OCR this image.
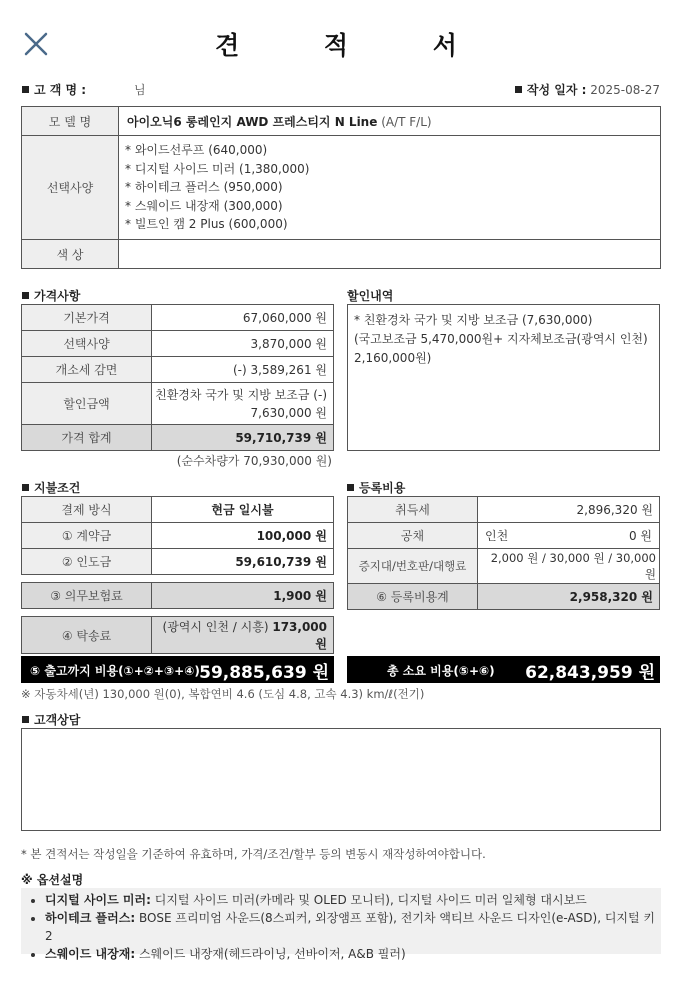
견 적 서
고 객 명 :	님	작성 일자 : 2025-08-27
모 델 명	아이오닉6 롱레인지 AWD 프레스티지 N Line (A/T F/L)
선택사양	* 와이드선루프 (640,000)
* 디지털 사이드 미러 (1,380,000)
* 하이테크 플러스 (950,000)
* 스웨이드 내장재 (300,000)
* 빌트인 캠 2 Plus (600,000)

색 상	
가격사항
기본가격	67,060,000 원
선택사양	3,870,000 원
개소세 감면	(-) 3,589,261 원
할인금액	친환경차 국가 및 지방 보조금 (-)
7,630,000 원

가격 합계	59,710,739 원
(순수차량가 70,930,000 원)
할인내역
* 친환경차 국가 및 지방 보조금 (7,630,000)
(국고보조금 5,470,000원+ 지자체보조금(광역시 인천)
2,160,000원)
지불조건
결제 방식	현금 일시불
① 계약금	100,000 원
② 인도금	59,610,739 원
③ 의무보험료	1,900 원
④ 탁송료	(광역시 인천 / 시흥) 173,000 원
등록비용
취득세	2,896,320 원
공채	인천 0 원

증지대/번호판/대행료	2,000 원 / 30,000 원 / 30,000 원
⑥ 등록비용계	2,958,320 원
⑤ 출고까지 비용(①+②+③+④) 59,885,639 원	총 소요 비용(⑤+⑥) 62,843,959 원
※ 자동차세(년) 130,000 원(0), 복합연비 4.6 (도심 4.8, 고속 4.3) km/ℓ(전기)
고객상담
* 본 견적서는 작성일을 기준하여 유효하며, 가격/조건/할부 등의 변동시 재작성하여야합니다.
※ 옵션설명
• 디지털 사이드 미러: 디지털 사이드 미러(카메라 및 OLED 모니터), 디지털 사이드 미러 일체형 대시보드
• 하이테크 플러스: BOSE 프리미엄 사운드(8스피커, 외장앰프 포함), 전기차 액티브 사운드 디자인(e-ASD), 디지털 키 2
• 스웨이드 내장재: 스웨이드 내장재(헤드라이닝, 선바이저, A&B 필러)
